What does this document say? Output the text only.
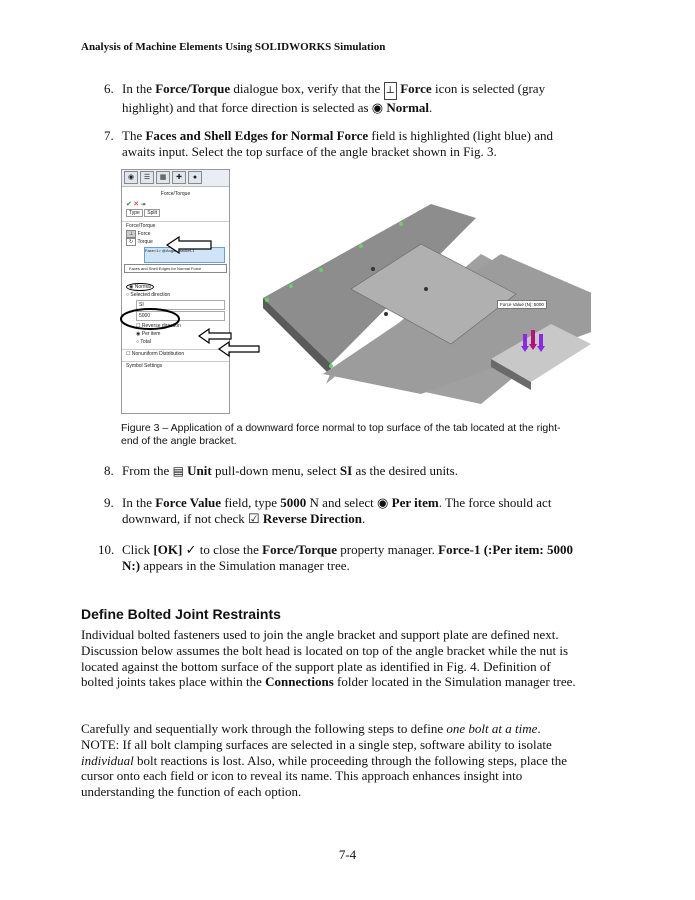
Analysis of Machine Elements Using SOLIDWORKS Simulation
6. In the Force/Torque dialogue box, verify that the ⊥ Force icon is selected (gray highlight) and that force direction is selected as ◉ Normal.
7. The Faces and Shell Edges for Normal Force field is highlighted (light blue) and awaits input. Select the top surface of the angle bracket shown in Fig. 3.
◉	☰	▦	✚	●
Force/Torque
✔ ✕ ⇥
Type Split
Force/Torque
⊥ Force
↻ Torque
Face<1> @Angle Bracket-1
Faces and Shell Edges for Normal Force
◉ Normal
○ Selected direction
SI
5000
☐ Reverse direction
◉ Per item
○ Total
☐ Nonuniform Distribution
Symbol Settings
Force Value (N): 5000
Figure 3 – Application of a downward force normal to top surface of the tab located at the right-end of the angle bracket.
8. From the ▤ Unit pull-down menu, select SI as the desired units.
9. In the Force Value field, type 5000 N and select ◉ Per item. The force should act downward, if not check ☑ Reverse Direction.
10. Click [OK] ✓ to close the Force/Torque property manager. Force-1 (:Per item: 5000 N:) appears in the Simulation manager tree.
Define Bolted Joint Restraints
Individual bolted fasteners used to join the angle bracket and support plate are defined next. Discussion below assumes the bolt head is located on top of the angle bracket while the nut is located against the bottom surface of the support plate as identified in Fig. 4. Definition of bolted joints takes place within the Connections folder located in the Simulation manager tree.
Carefully and sequentially work through the following steps to define one bolt at a time. NOTE: If all bolt clamping surfaces are selected in a single step, software ability to isolate individual bolt reactions is lost. Also, while proceeding through the following steps, place the cursor onto each field or icon to reveal its name. This approach enhances insight into understanding the function of each option.
7-4
